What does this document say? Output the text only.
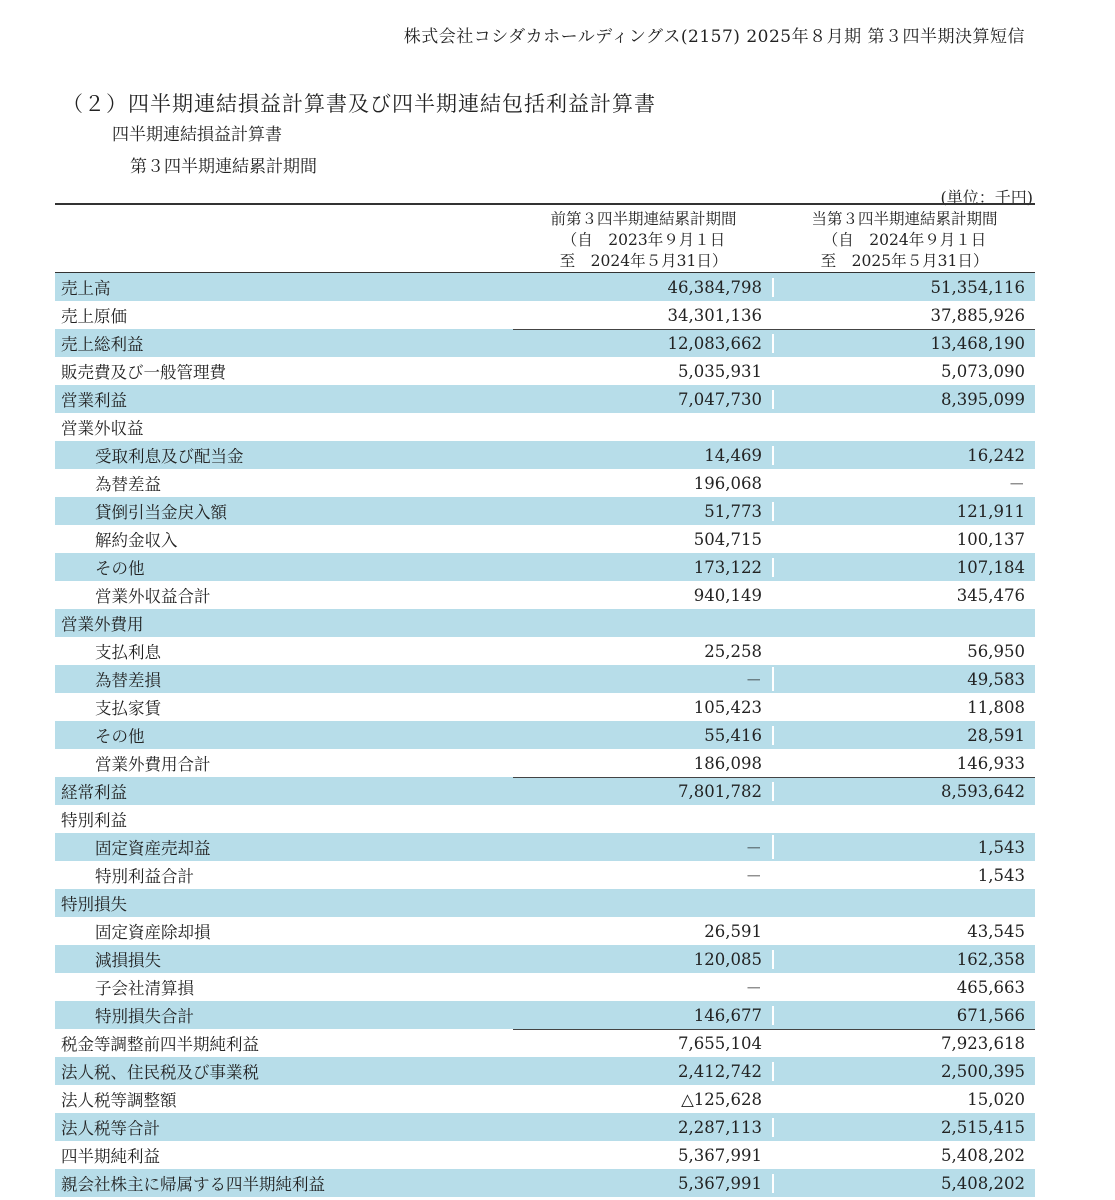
株式会社コシダカホールディングス(2157) 2025年８月期 第３四半期決算短信
（２）四半期連結損益計算書及び四半期連結包括利益計算書
四半期連結損益計算書
第３四半期連結累計期間
(単位：千円)
前第３四半期連結累計期間
（自　2023年９月１日
至　2024年５月31日）
当第３四半期連結累計期間
（自　2024年９月１日
至　2025年５月31日）
売上高	46,384,798	51,354,116
売上原価	34,301,136	37,885,926
売上総利益	12,083,662	13,468,190
販売費及び一般管理費	5,035,931	5,073,090
営業利益	7,047,730	8,395,099
営業外収益
受取利息及び配当金	14,469	16,242
為替差益	196,068	－
貸倒引当金戻入額	51,773	121,911
解約金収入	504,715	100,137
その他	173,122	107,184
営業外収益合計	940,149	345,476
営業外費用
支払利息	25,258	56,950
為替差損	－	49,583
支払家賃	105,423	11,808
その他	55,416	28,591
営業外費用合計	186,098	146,933
経常利益	7,801,782	8,593,642
特別利益
固定資産売却益	－	1,543
特別利益合計	－	1,543
特別損失
固定資産除却損	26,591	43,545
減損損失	120,085	162,358
子会社清算損	－	465,663
特別損失合計	146,677	671,566
税金等調整前四半期純利益	7,655,104	7,923,618
法人税、住民税及び事業税	2,412,742	2,500,395
法人税等調整額	△125,628	15,020
法人税等合計	2,287,113	2,515,415
四半期純利益	5,367,991	5,408,202
親会社株主に帰属する四半期純利益	5,367,991	5,408,202
